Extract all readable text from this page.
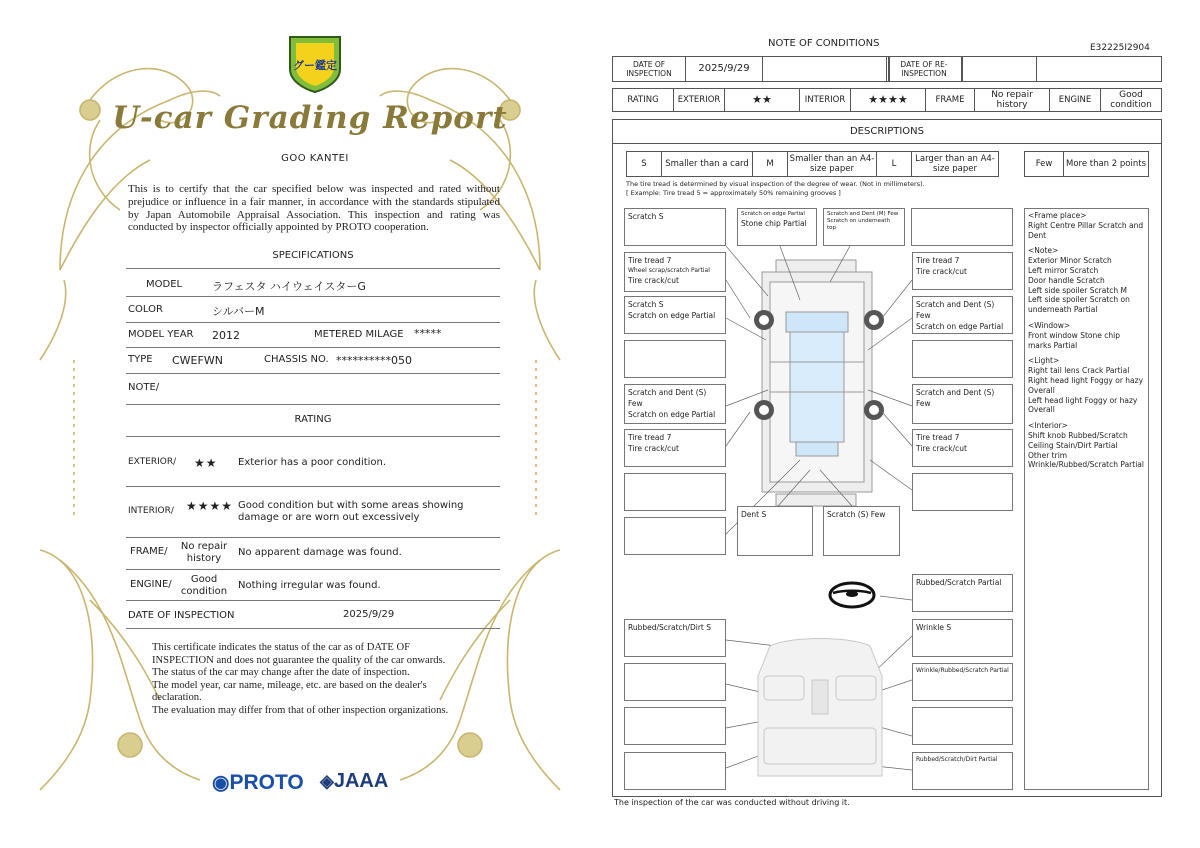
グー鑑定
U-car Grading Report
GOO KANTEI
This is to certify that the car specified below was inspected and rated without prejudice or influence in a fair manner, in accordance with the standards stipulated by Japan Automobile Appraisal Association. This inspection and rating was conducted by inspector officially appointed by PROTO cooperation.
SPECIFICATIONS
MODEL	ラフェスタ ハイウェイスターG
COLOR	シルバーM
MODEL YEAR 2012	METERED MILAGE *****
TYPE CWEFWN	CHASSIS NO. **********050
NOTE/
RATING
EXTERIOR/ ★★ Exterior has a poor condition.
INTERIOR/ ★★★★ Good condition but with some areas showing damage or are worn out excessively
FRAME/	No repair history
No apparent damage was found.
ENGINE/	Good condition
Nothing irregular was found.
DATE OF INSPECTION	2025/9/29
This certificate indicates the status of the car as of DATE OF
INSPECTION and does not guarantee the quality of the car onwards.
The status of the car may change after the date of inspection.
The model year, car name, mileage, etc. are based on the dealer's
declaration.
The evaluation may differ from that of other inspection organizations.
◉PROTO ◈JAAA
NOTE OF CONDITIONS	E32225I2904
DATE OF INSPECTION	2025/9/29	DATE OF RE-INSPECTION
RATING	EXTERIOR	★★	INTERIOR	★★★★	FRAME	No repair history	ENGINE	Good condition
DESCRIPTIONS
S	Smaller than a card	M	Smaller than an A4-size paper	L	Larger than an A4-size paper	Few	More than 2 points
The tire tread is determined by visual inspection of the degree of wear. (Not in millimeters).
[ Example: Tire tread 5 = approximately 50% remaining grooves ]
Scratch S	Scratch on edge Partial
Stone chip Partial
Scratch and Dent (M) Few
Scratch on underneath
top
Tire tread 7
Wheel scrap/scratch Partial
Tire crack/cut
Tire tread 7
Tire crack/cut
Scratch S
Scratch on edge Partial
Scratch and Dent (S) Few
Scratch on edge Partial
Scratch and Dent (S) Few
Scratch on edge Partial
Scratch and Dent (S) Few
Tire tread 7
Tire crack/cut
Tire tread 7
Tire crack/cut
Dent S	Scratch (S) Few
Rubbed/Scratch Partial
Rubbed/Scratch/Dirt S	Wrinkle S
Wrinkle/Rubbed/Scratch Partial
Rubbed/Scratch/Dirt Partial
<Frame place>
Right Centre Pillar Scratch and Dent
<Note>
Exterior Minor Scratch
Left mirror Scratch
Door handle Scratch
Left side spoiler Scratch M
Left side spoiler Scratch on underneath Partial
<Window>
Front window Stone chip marks Partial
<Light>
Right tail lens Crack Partial
Right head light Foggy or hazy Overall
Left head light Foggy or hazy Overall
<Interior>
Shift knob Rubbed/Scratch
Ceiling Stain/Dirt Partial
Other trim
Wrinkle/Rubbed/Scratch Partial
The inspection of the car was conducted without driving it.
